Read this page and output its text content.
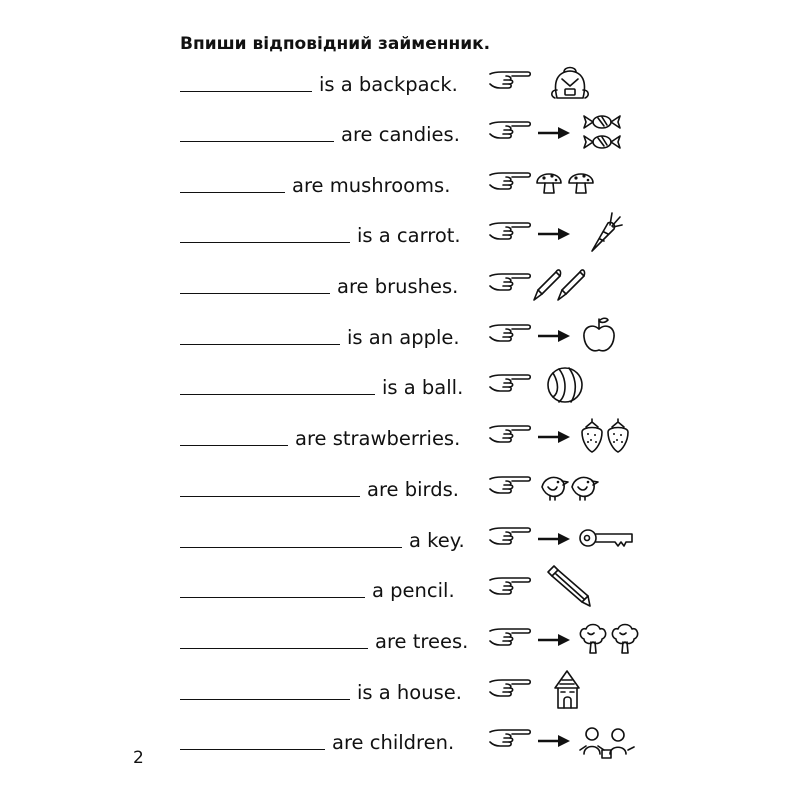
Впиши відповідний займенник.
is a backpack.
are candies.
are mushrooms.
is a carrot.
are brushes.
is an apple.
is a ball.
are strawberries.
are birds.
a key.
a pencil.
are trees.
is a house.
are children.
2
